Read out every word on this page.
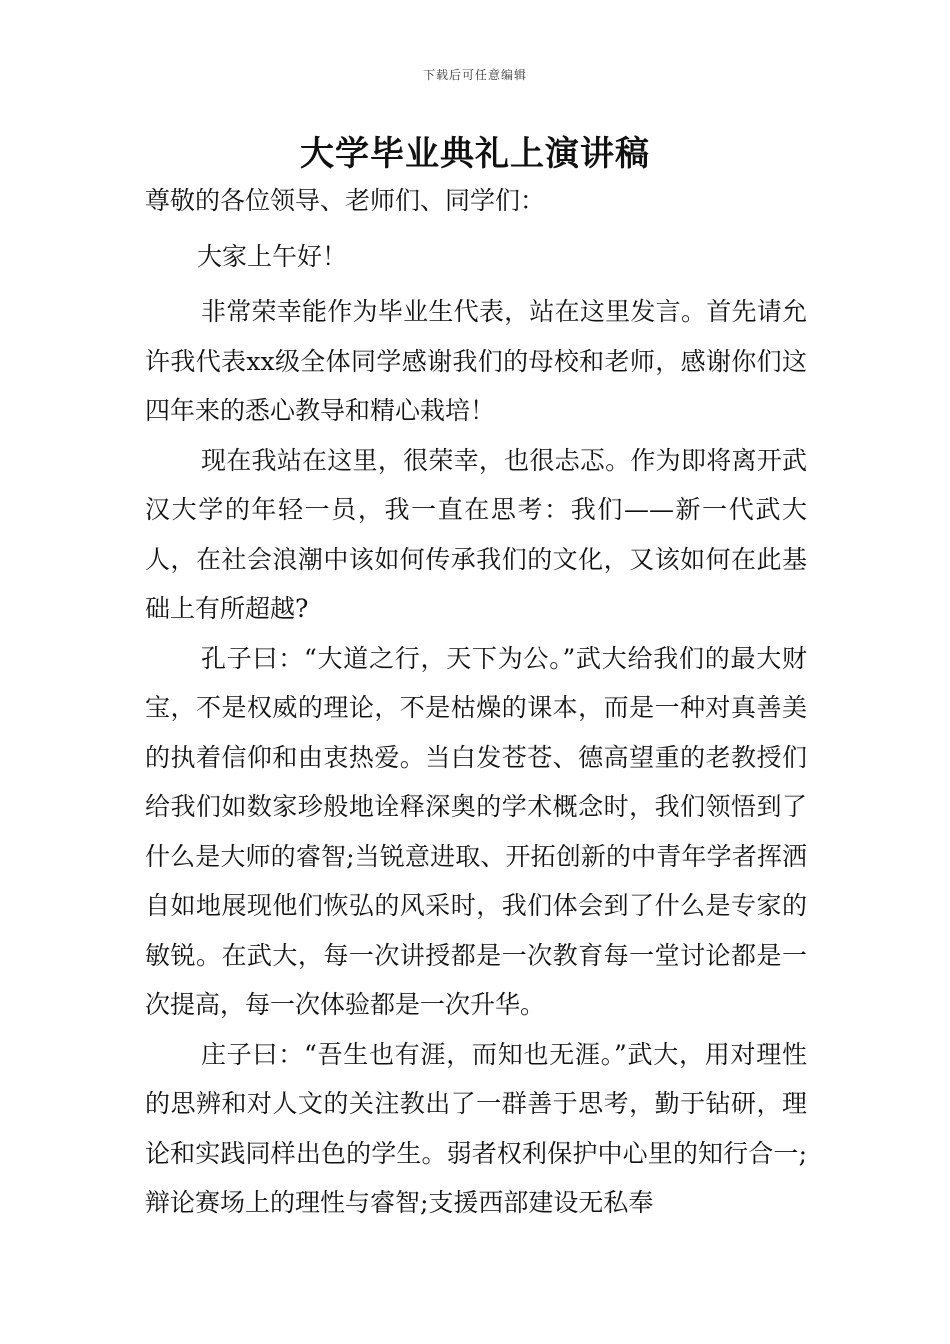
下载后可任意编辑
大学毕业典礼上演讲稿

尊敬的各位领导、老师们、同学们：

大家上午好！

非常荣幸能作为毕业生代表，站在这里发言。首先请允许我代表xx级全体同学感谢我们的母校和老师，感谢你们这四年来的悉心教导和精心栽培！

现在我站在这里，很荣幸，也很忐忑。作为即将离开武汉大学的年轻一员，我一直在思考：我们——新一代武大人，在社会浪潮中该如何传承我们的文化，又该如何在此基础上有所超越?

孔子曰：“大道之行，天下为公。”武大给我们的最大财宝，不是权威的理论，不是枯燥的课本，而是一种对真善美的执着信仰和由衷热爱。当白发苍苍、德高望重的老教授们给我们如数家珍般地诠释深奥的学术概念时，我们领悟到了什么是大师的睿智;当锐意进取、开拓创新的中青年学者挥洒自如地展现他们恢弘的风采时，我们体会到了什么是专家的敏锐。在武大，每一次讲授都是一次教育每一堂讨论都是一次提高，每一次体验都是一次升华。

庄子曰：“吾生也有涯，而知也无涯。”武大，用对理性的思辨和对人文的关注教出了一群善于思考，勤于钻研，理论和实践同样出色的学生。弱者权利保护中心里的知行合一;辩论赛场上的理性与睿智;支援西部建设无私奉
